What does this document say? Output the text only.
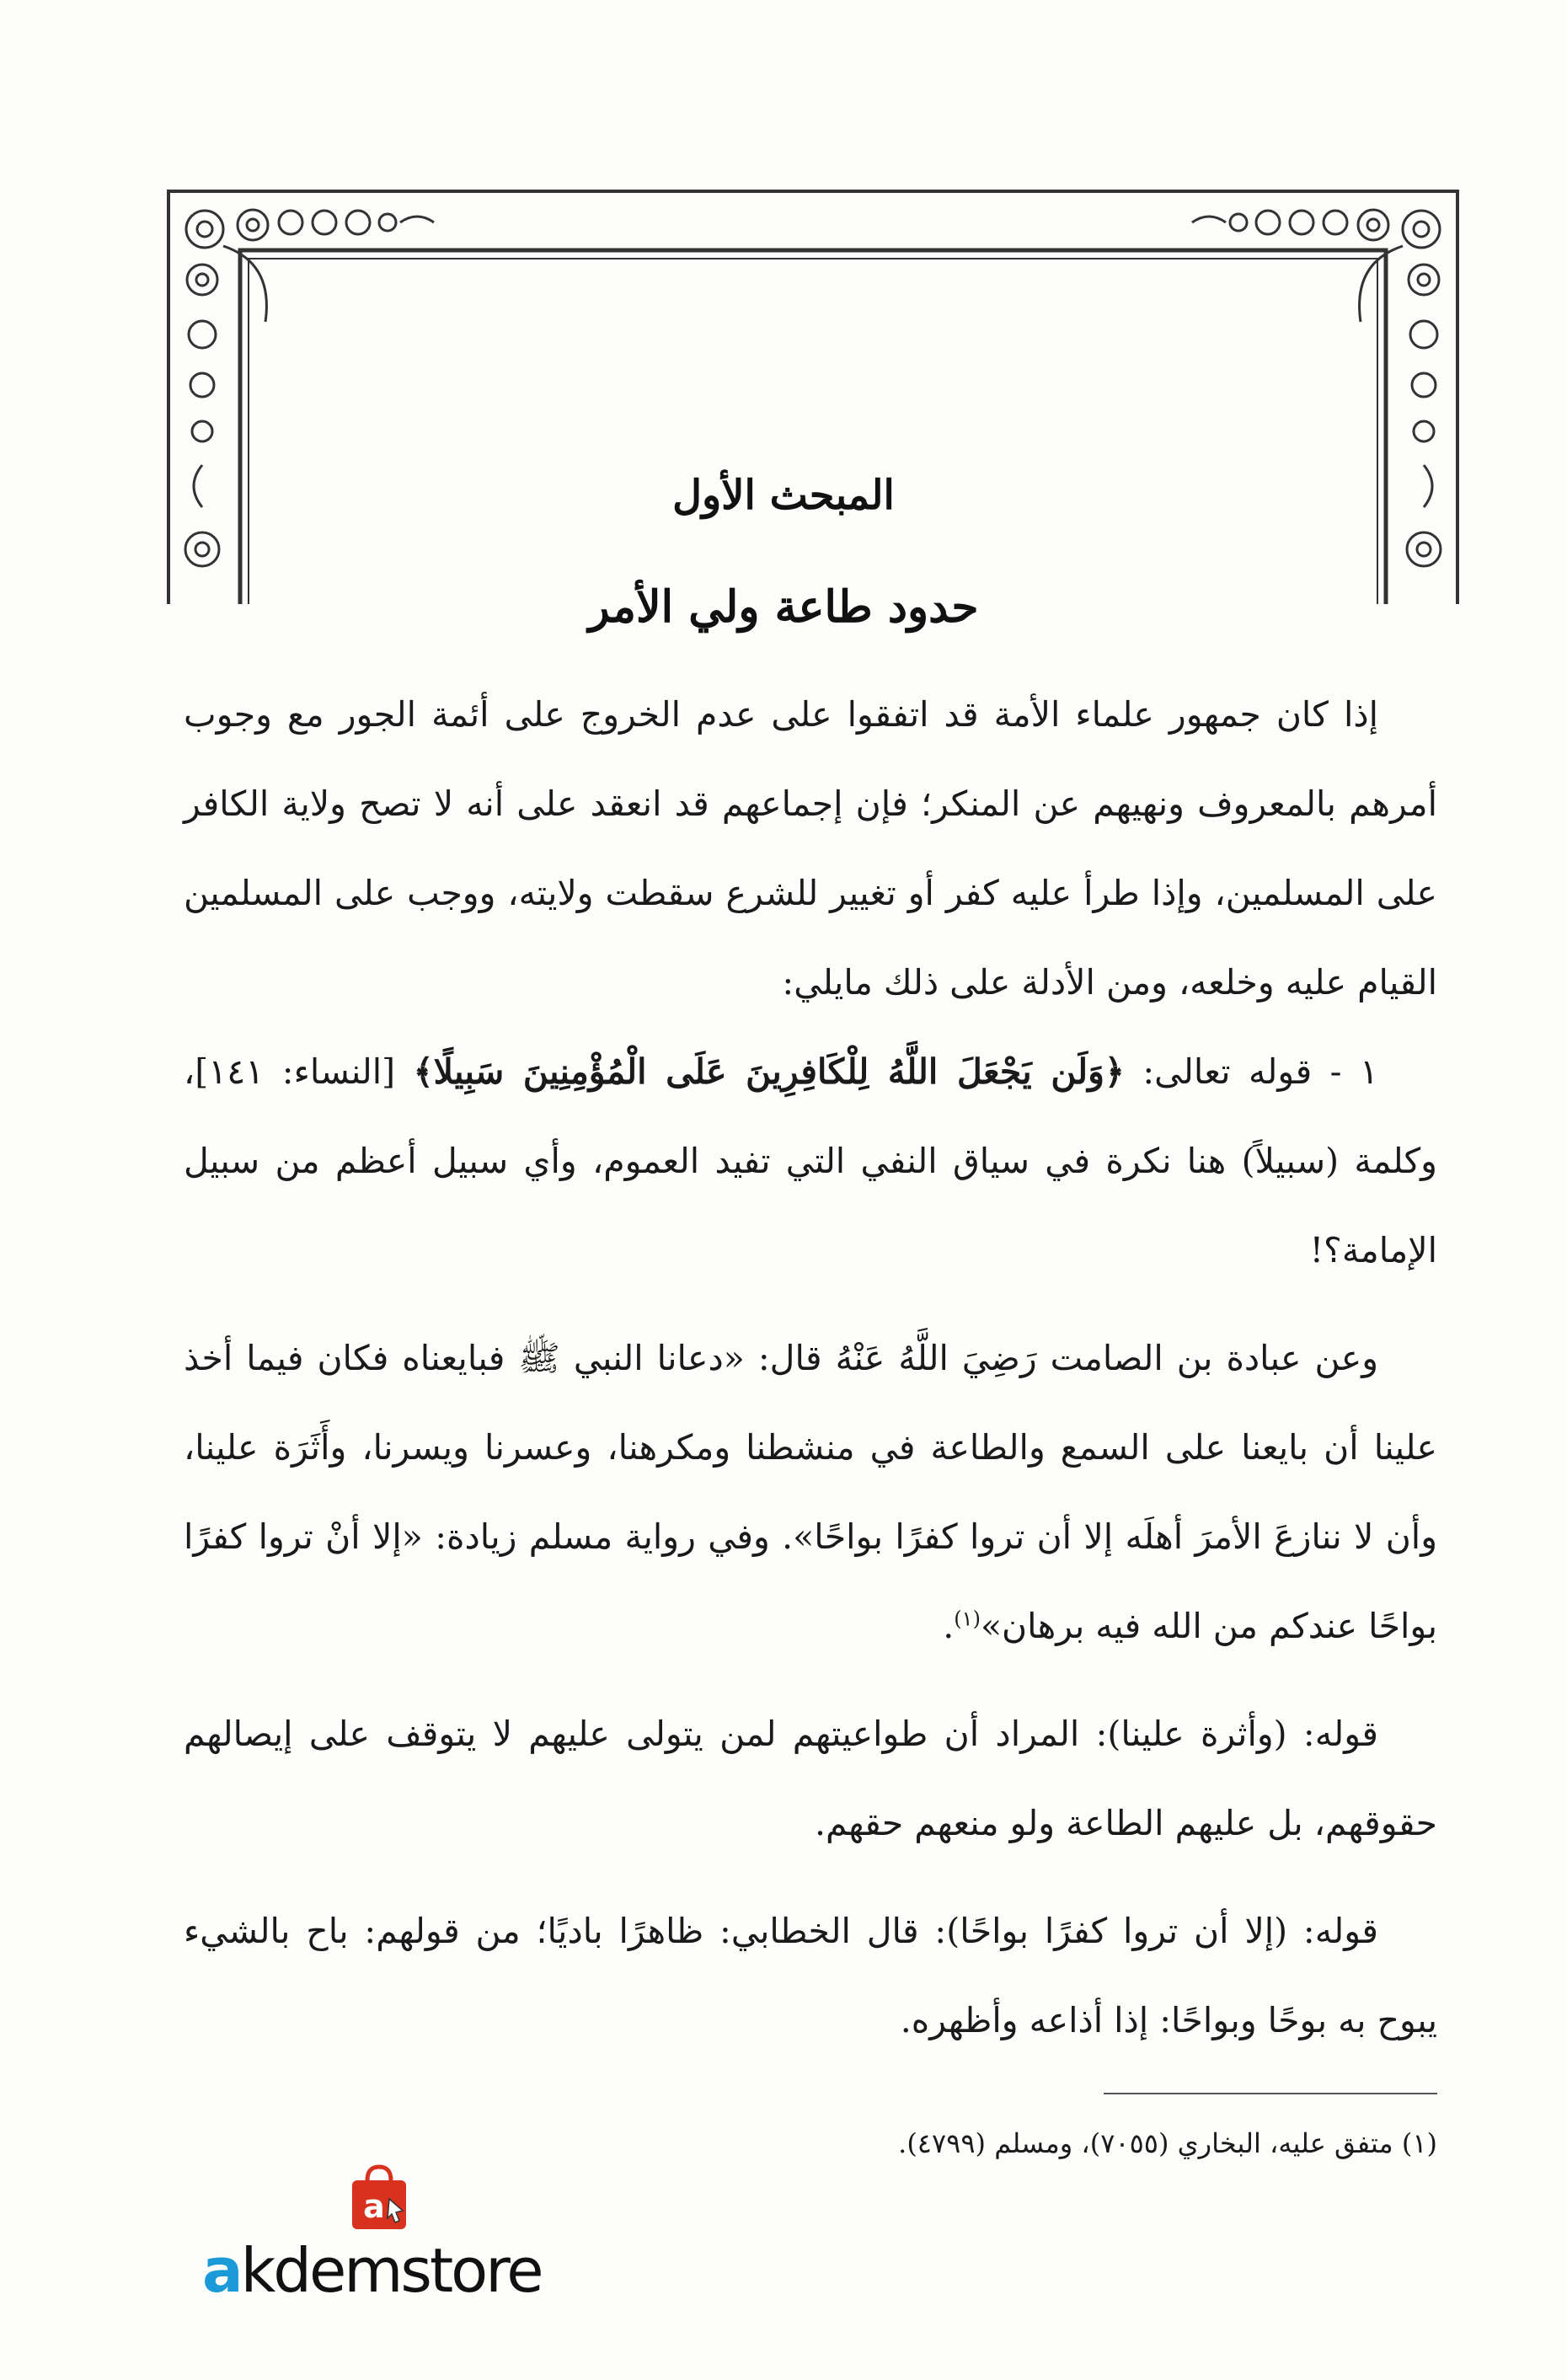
المبحث الأول
حدود طاعة ولي الأمر

إذا كان جمهور علماء الأمة قد اتفقوا على عدم الخروج على أئمة الجور مع وجوب أمرهم بالمعروف ونهيهم عن المنكر؛ فإن إجماعهم قد انعقد على أنه لا تصح ولاية الكافر على المسلمين، وإذا طرأ عليه كفر أو تغيير للشرع سقطت ولايته، ووجب على المسلمين القيام عليه وخلعه، ومن الأدلة على ذلك مايلي:

١ - قوله تعالى: ﴿وَلَن يَجْعَلَ اللَّهُ لِلْكَافِرِينَ عَلَى الْمُؤْمِنِينَ سَبِيلًا﴾ [النساء: ١٤١]، وكلمة (سبيلاً) هنا نكرة في سياق النفي التي تفيد العموم، وأي سبيل أعظم من سبيل الإمامة؟!

وعن عبادة بن الصامت رَضِيَ اللَّهُ عَنْهُ قال: «دعانا النبي ﷺ فبايعناه فكان فيما أخذ علينا أن بايعنا على السمع والطاعة في منشطنا ومكرهنا، وعسرنا ويسرنا، وأَثَرَة علينا، وأن لا ننازعَ الأمرَ أهلَه إلا أن تروا كفرًا بواحًا». وفي رواية مسلم زيادة: «إلا أنْ تروا كفرًا بواحًا عندكم من الله فيه برهان»$^{(١)}$.

قوله: (وأثرة علينا): المراد أن طواعيتهم لمن يتولى عليهم لا يتوقف على إيصالهم حقوقهم، بل عليهم الطاعة ولو منعهم حقهم.

قوله: (إلا أن تروا كفرًا بواحًا): قال الخطابي: ظاهرًا باديًا؛ من قولهم: باح بالشيء يبوح به بوحًا وبواحًا: إذا أذاعه وأظهره.

(١) متفق عليه، البخاري (٧٠٥٥)، ومسلم (٤٧٩٩).
a
akdemstore
